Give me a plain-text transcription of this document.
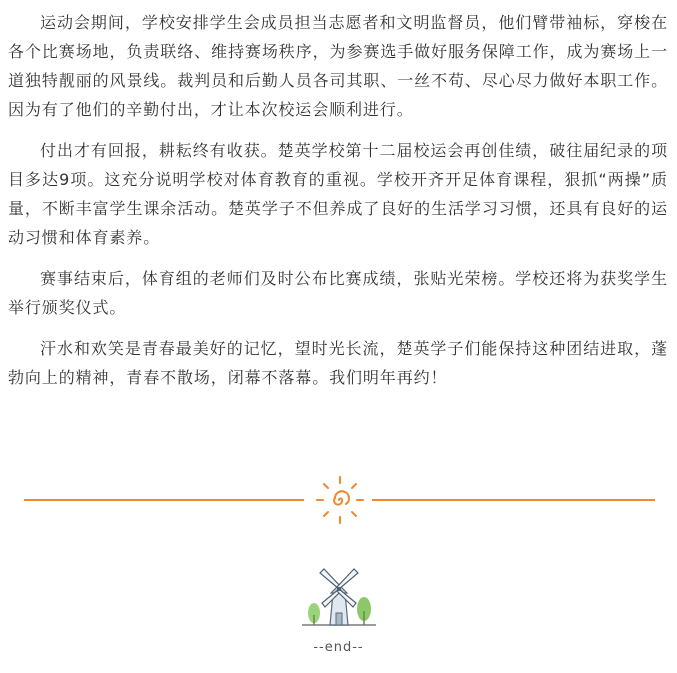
运动会期间，学校安排学生会成员担当志愿者和文明监督员，他们臂带袖标，穿梭在各个比赛场地，负责联络、维持赛场秩序，为参赛选手做好服务保障工作，成为赛场上一道独特靓丽的风景线。裁判员和后勤人员各司其职、一丝不苟、尽心尽力做好本职工作。因为有了他们的辛勤付出，才让本次校运会顺利进行。

付出才有回报，耕耘终有收获。楚英学校第十二届校运会再创佳绩，破往届纪录的项目多达9项。这充分说明学校对体育教育的重视。学校开齐开足体育课程，狠抓“两操”质量，不断丰富学生课余活动。楚英学子不但养成了良好的生活学习习惯，还具有良好的运动习惯和体育素养。

赛事结束后，体育组的老师们及时公布比赛成绩，张贴光荣榜。学校还将为获奖学生举行颁奖仪式。

汗水和欢笑是青春最美好的记忆，望时光长流，楚英学子们能保持这种团结进取，蓬勃向上的精神，青春不散场，闭幕不落幕。我们明年再约！

--end--
